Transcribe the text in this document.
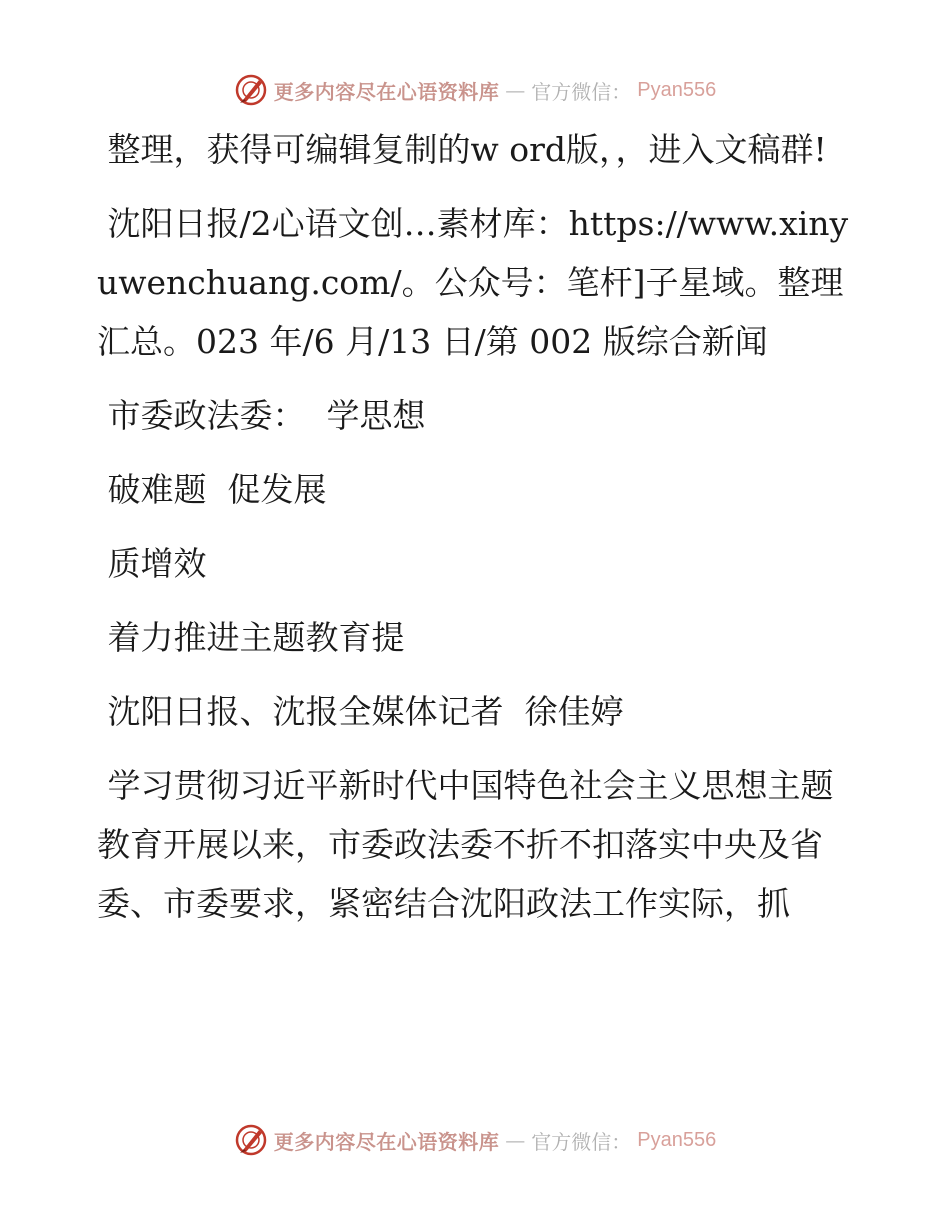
更多内容尽在心语资料库 — 官方微信： Pyan556

整理，获得可编辑复制的w ord版，，进入文稿群!

沈阳日报/2心语文创…素材库：https://www.xinyuwenchuang.com/。公众号：笔杆]子星域。整理汇总。023 年/6 月/13 日/第 002 版综合新闻

市委政法委：  学思想

破难题  促发展

质增效

着力推进主题教育提

沈阳日报、沈报全媒体记者  徐佳婷

学习贯彻习近平新时代中国特色社会主义思想主题教育开展以来，市委政法委不折不扣落实中央及省委、市委要求，紧密结合沈阳政法工作实际，抓

更多内容尽在心语资料库 — 官方微信： Pyan556
